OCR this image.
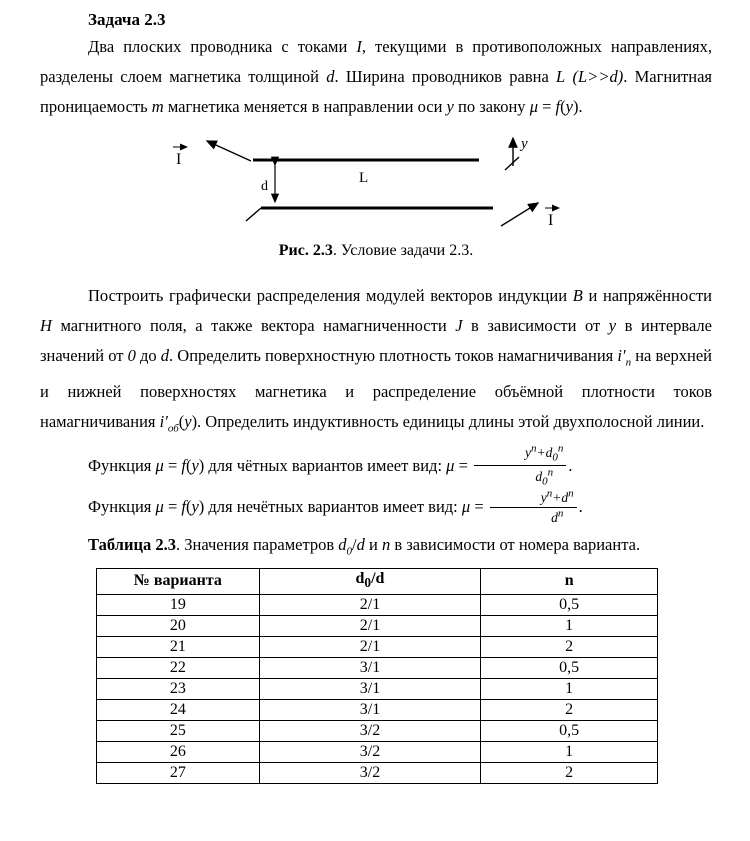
Задача 2.3

Два плоских проводника с токами I, текущими в противоположных направлениях, разделены слоем магнетика толщиной d. Ширина проводников равна L (L>>d). Магнитная проницаемость m магнетика меняется в направлении оси y по закону μ = f(y).

I
y
d
L
I

Рис. 2.3. Условие задачи 2.3.

Построить графически распределения модулей векторов индукции B и напряжённости H магнитного поля, а также вектора намагниченности J в зависимости от y в интервале значений от 0 до d. Определить поверхностную плотность токов намагничивания $i'_n$ на верхней и нижней поверхностях магнетика и распределение объёмной плотности токов намагничивания $i'_{об}(y)$. Определить индуктивность единицы длины этой двухполосной линии.

Функция μ = f(y) для чётных вариантов имеет вид: $\mu = \frac{y^n+d_0^n}{d_0^n}$ .

Функция μ = f(y) для нечётных вариантов имеет вид: $\mu = \frac{y^n+d^n}{d^n}$ .

Таблица 2.3. Значения параметров $d_0/d$ и n в зависимости от номера варианта.

№ варианта	$d_0/d$	n
19	2/1	0,5
20	2/1	1
21	2/1	2
22	3/1	0,5
23	3/1	1
24	3/1	2
25	3/2	0,5
26	3/2	1
27	3/2	2
